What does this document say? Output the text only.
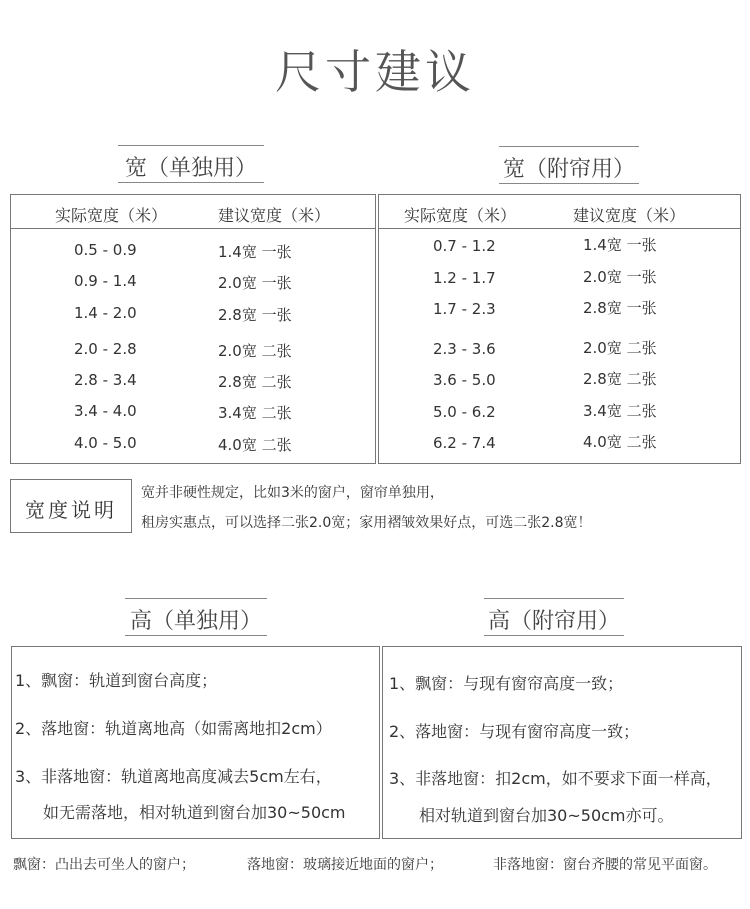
尺寸建议
宽（单独用）
实际宽度（米）	建议宽度（米）
0.5 - 0.9	1.4宽 一张
0.9 - 1.4	2.0宽 一张
1.4 - 2.0	2.8宽 一张
2.0 - 2.8	2.0宽 二张
2.8 - 3.4	2.8宽 二张
3.4 - 4.0	3.4宽 二张
4.0 - 5.0	4.0宽 二张
宽（附帘用）
实际宽度（米）	建议宽度（米）
0.7 - 1.2	1.4宽 一张
1.2 - 1.7	2.0宽 一张
1.7 - 2.3	2.8宽 一张
2.3 - 3.6	2.0宽 二张
3.6 - 5.0	2.8宽 二张
5.0 - 6.2	3.4宽 二张
6.2 - 7.4	4.0宽 二张
宽度说明
宽并非硬性规定，比如3米的窗户，窗帘单独用，
租房实惠点，可以选择二张2.0宽；家用褶皱效果好点，可选二张2.8宽！
高（单独用）	高（附帘用）
1、飘窗：轨道到窗台高度；
2、落地窗：轨道离地高（如需离地扣2cm）
3、非落地窗：轨道离地高度减去5cm左右，
如无需落地，相对轨道到窗台加30~50cm
1、飘窗：与现有窗帘高度一致；
2、落地窗：与现有窗帘高度一致；
3、非落地窗：扣2cm，如不要求下面一样高，
相对轨道到窗台加30~50cm亦可。
飘窗：凸出去可坐人的窗户；	落地窗：玻璃接近地面的窗户；	非落地窗：窗台齐腰的常见平面窗。
